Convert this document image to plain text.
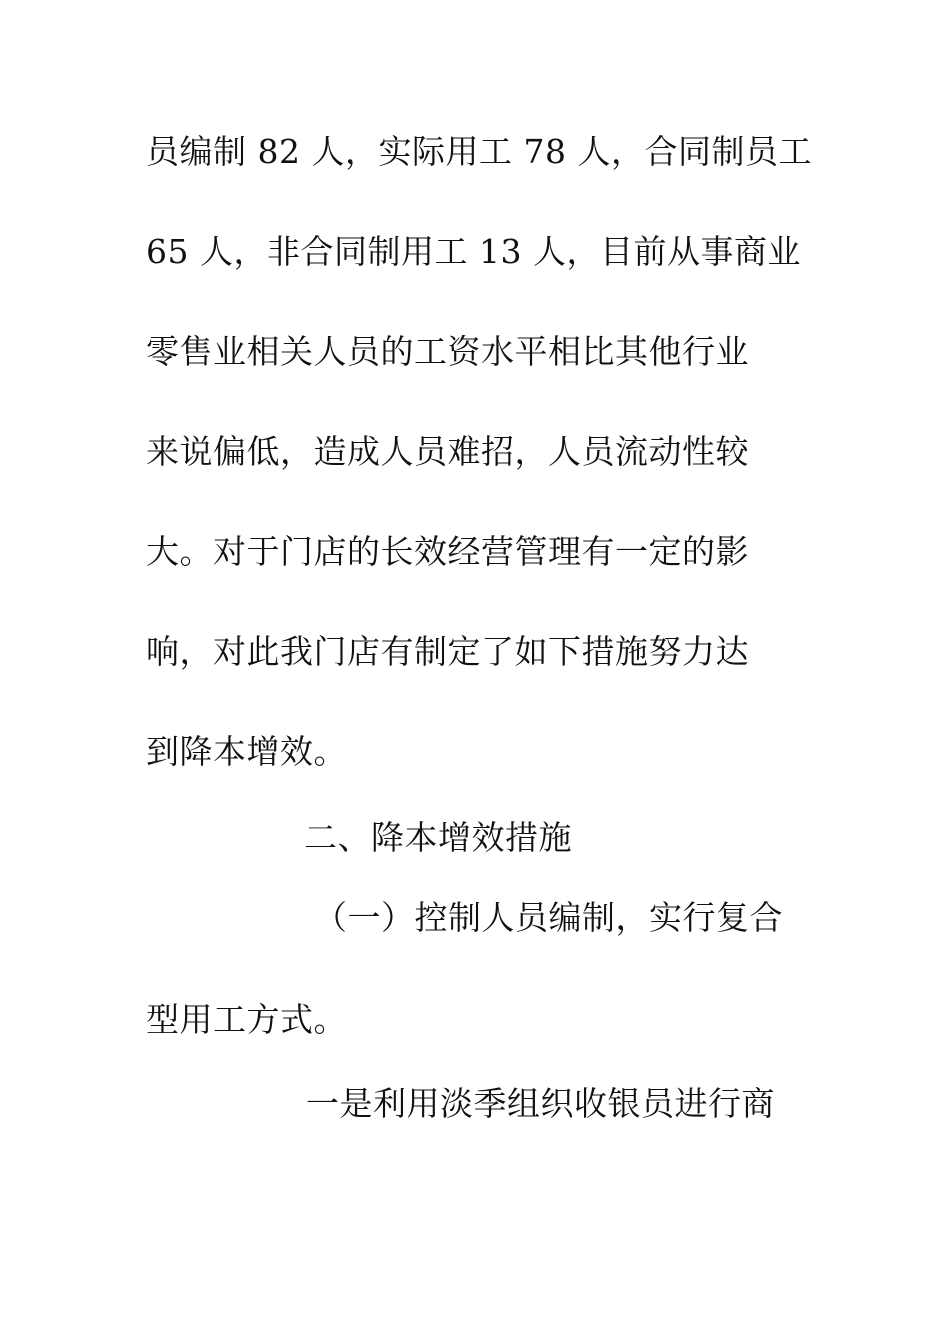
员编制 82 人，实际用工 78 人，合同制员工
65 人，非合同制用工 13 人，目前从事商业
零售业相关人员的工资水平相比其他行业
来说偏低，造成人员难招，人员流动性较
大。对于门店的长效经营管理有一定的影
响，对此我门店有制定了如下措施努力达
到降本增效。
二、降本增效措施
（一）控制人员编制，实行复合
型用工方式。
一是利用淡季组织收银员进行商
